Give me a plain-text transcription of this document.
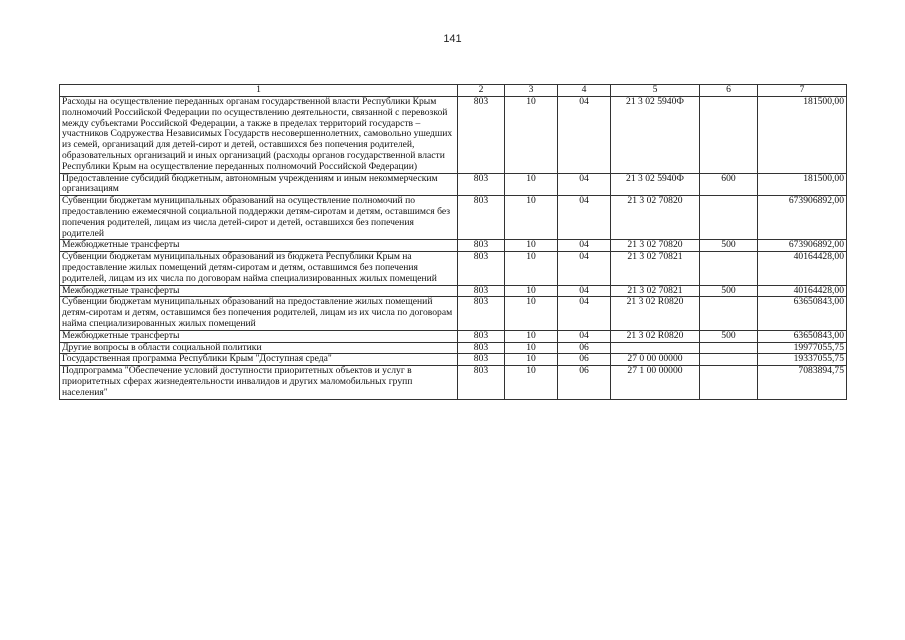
141
1	2	3	4	5	6	7
Расходы на осуществление переданных органам государственной власти Республики Крым полномочий Российской Федерации по осуществлению деятельности, связанной с перевозкой между субъектами Российской Федерации, а также в пределах территорий государств – участников Содружества Независимых Государств несовершеннолетних, самовольно ушедших из семей, организаций для детей-сирот и детей, оставшихся без попечения родителей, образовательных организаций и иных организаций (расходы органов государственной власти Республики Крым на осуществление переданных полномочий Российской Федерации)	803	10	04	21 3 02 5940Ф		181500,00
Предоставление субсидий бюджетным, автономным учреждениям и иным некоммерческим организациям	803	10	04	21 3 02 5940Ф	600	181500,00
Субвенции бюджетам муниципальных образований на осуществление полномочий по предоставлению ежемесячной социальной поддержки детям-сиротам и детям, оставшимся без попечения родителей, лицам из числа детей-сирот и детей, оставшихся без попечения родителей	803	10	04	21 3 02 70820		673906892,00
Межбюджетные трансферты	803	10	04	21 3 02 70820	500	673906892,00
Субвенции бюджетам муниципальных образований из бюджета Республики Крым на предоставление жилых помещений детям-сиротам и детям, оставшимся без попечения родителей, лицам из их числа по договорам найма специализированных жилых помещений	803	10	04	21 3 02 70821		40164428,00
Межбюджетные трансферты	803	10	04	21 3 02 70821	500	40164428,00
Субвенции бюджетам муниципальных образований на предоставление жилых помещений детям-сиротам и детям, оставшимся без попечения родителей, лицам из их числа по договорам найма специализированных жилых помещений	803	10	04	21 3 02 R0820		63650843,00
Межбюджетные трансферты	803	10	04	21 3 02 R0820	500	63650843,00
Другие вопросы в области социальной политики	803	10	06			19977055,75
Государственная программа Республики Крым "Доступная среда"	803	10	06	27 0 00 00000		19337055,75
Подпрограмма "Обеспечение условий доступности приоритетных объектов и услуг в приоритетных сферах жизнедеятельности инвалидов и других маломобильных групп населения"	803	10	06	27 1 00 00000		7083894,75
